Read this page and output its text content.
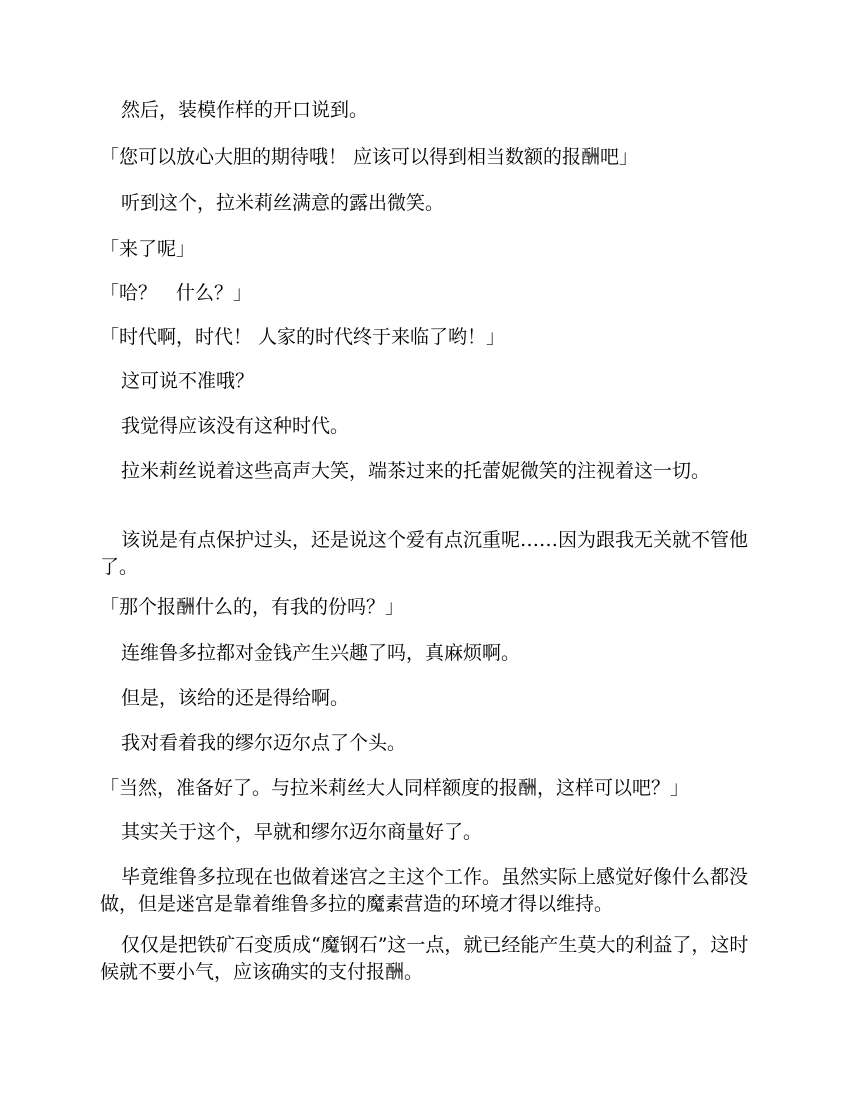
然后，装模作样的开口说到。

「您可以放心大胆的期待哦！ 应该可以得到相当数额的报酬吧」

听到这个，拉米莉丝满意的露出微笑。

「来了呢」

「哈？　什么？」

「时代啊，时代！ 人家的时代终于来临了哟！」

这可说不准哦？

我觉得应该没有这种时代。

拉米莉丝说着这些高声大笑，端茶过来的托蕾妮微笑的注视着这一切。

该说是有点保护过头，还是说这个爱有点沉重呢……因为跟我无关就不管他了。

「那个报酬什么的，有我的份吗？」

连维鲁多拉都对金钱产生兴趣了吗，真麻烦啊。

但是，该给的还是得给啊。

我对看着我的缪尔迈尔点了个头。

「当然，准备好了。与拉米莉丝大人同样额度的报酬，这样可以吧？」

其实关于这个，早就和缪尔迈尔商量好了。

毕竟维鲁多拉现在也做着迷宫之主这个工作。虽然实际上感觉好像什么都没做，但是迷宫是靠着维鲁多拉的魔素营造的环境才得以维持。

仅仅是把铁矿石变质成“魔钢石”这一点，就已经能产生莫大的利益了，这时候就不要小气，应该确实的支付报酬。
